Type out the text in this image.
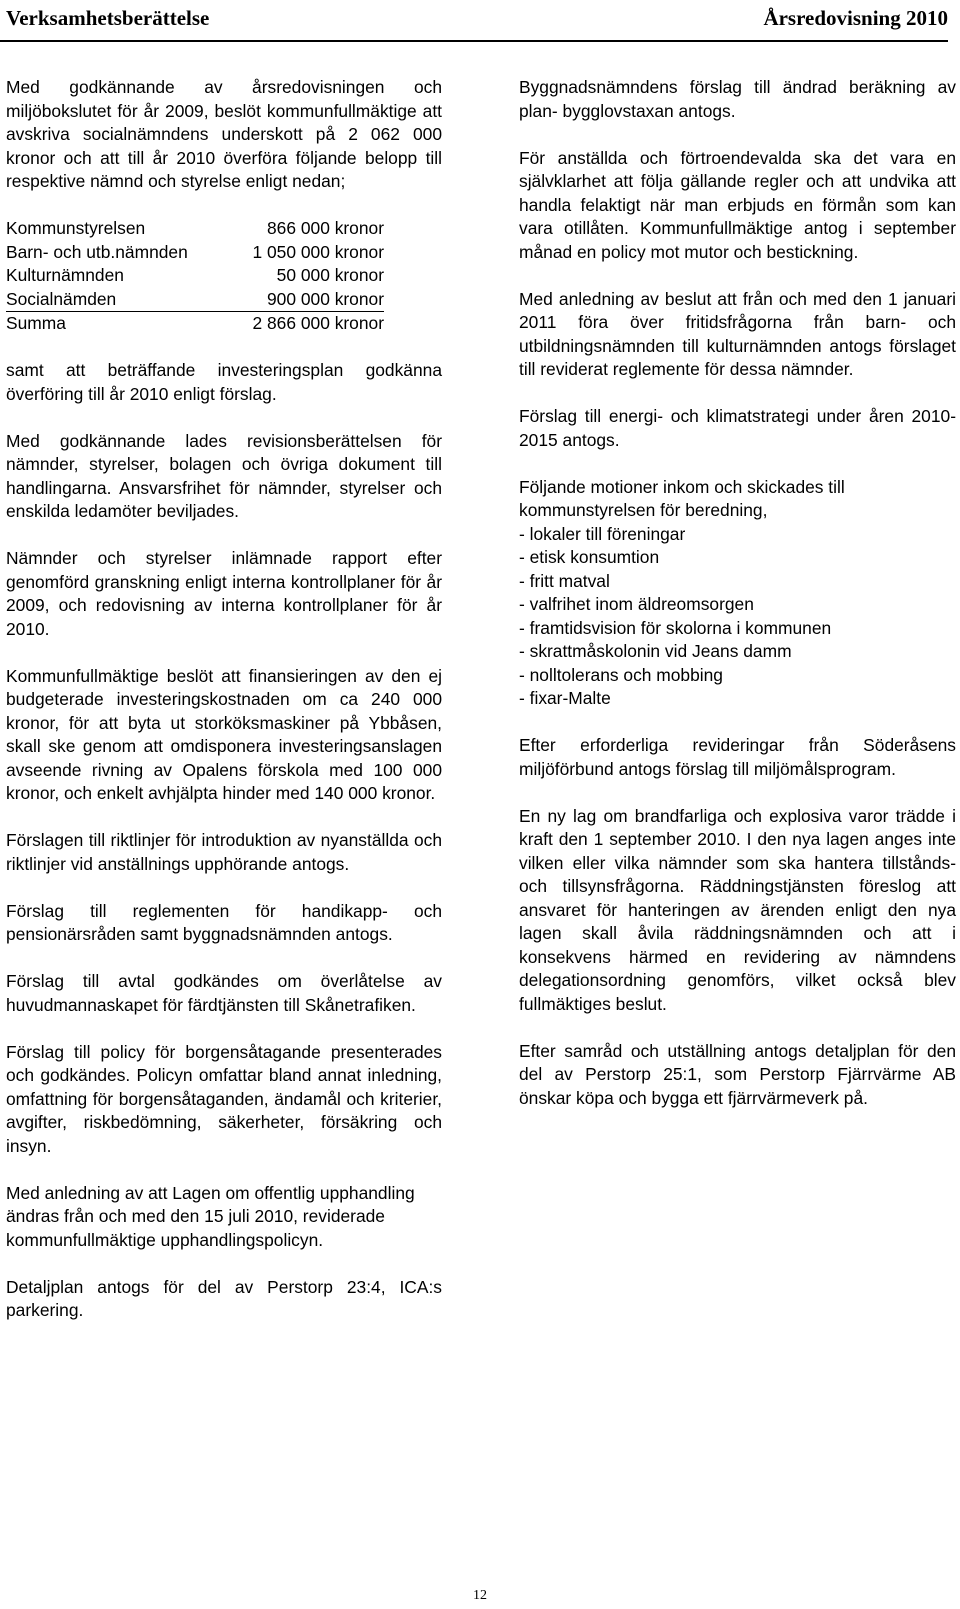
Verksamhetsberättelse	Årsredovisning 2010

Med godkännande av årsredovisningen och miljöbokslutet för år 2009, beslöt kommunfullmäktige att avskriva socialnämndens underskott på 2 062 000 kronor och att till år 2010 överföra följande belopp till respektive nämnd och styrelse enligt nedan;

Kommunstyrelsen	866 000 kronor
Barn- och utb.nämnden	1 050 000 kronor
Kulturnämnden	50 000 kronor
Socialnämden	900 000 kronor
Summa	2 866 000 kronor

samt att beträffande investeringsplan godkänna överföring till år 2010 enligt förslag.

Med godkännande lades revisionsberättelsen för nämnder, styrelser, bolagen och övriga dokument till handlingarna. Ansvarsfrihet för nämnder, styrelser och enskilda ledamöter beviljades.

Nämnder och styrelser inlämnade rapport efter genomförd granskning enligt interna kontrollplaner för år 2009, och redovisning av interna kontrollplaner för år 2010.

Kommunfullmäktige beslöt att finansieringen av den ej budgeterade investeringskostnaden om ca 240 000 kronor, för att byta ut storköksmaskiner på Ybbåsen, skall ske genom att omdisponera investeringsanslagen avseende rivning av Opalens förskola med 100 000 kronor, och enkelt avhjälpta hinder med 140 000 kronor.

Förslagen till riktlinjer för introduktion av nyanställda och riktlinjer vid anställnings upphörande antogs.

Förslag till reglementen för handikapp- och pensionärsråden samt byggnadsnämnden antogs.

Förslag till avtal godkändes om överlåtelse av huvudmannaskapet för färdtjänsten till Skånetrafiken.

Förslag till policy för borgensåtagande presenterades och godkändes. Policyn omfattar bland annat inledning, omfattning för borgensåtaganden, ändamål och kriterier, avgifter, riskbedömning, säkerheter, försäkring och insyn.

Med anledning av att Lagen om offentlig upphandling ändras från och med den 15 juli 2010, reviderade kommunfullmäktige upphandlingspolicyn.

Detaljplan antogs för del av Perstorp 23:4, ICA:s parkering.

Byggnadsnämndens förslag till ändrad beräkning av plan- bygglovstaxan antogs.

För anställda och förtroendevalda ska det vara en självklarhet att följa gällande regler och att undvika att handla felaktigt när man erbjuds en förmån som kan vara otillåten. Kommunfullmäktige antog i september månad en policy mot mutor och bestickning.

Med anledning av beslut att från och med den 1 januari 2011 föra över fritidsfrågorna från barn- och utbildningsnämnden till kulturnämnden antogs förslaget till reviderat reglemente för dessa nämnder.

Förslag till energi- och klimatstrategi under åren 2010-2015 antogs.

Följande motioner inkom och skickades till kommunstyrelsen för beredning,

- lokaler till föreningar
- etisk konsumtion
- fritt matval
- valfrihet inom äldreomsorgen
- framtidsvision för skolorna i kommunen
- skrattmåskolonin vid Jeans damm
- nolltolerans och mobbing
- fixar-Malte

Efter erforderliga revideringar från Söderåsens miljöförbund antogs förslag till miljömålsprogram.

En ny lag om brandfarliga och explosiva varor trädde i kraft den 1 september 2010. I den nya lagen anges inte vilken eller vilka nämnder som ska hantera tillstånds- och tillsynsfrågorna. Räddningstjänsten föreslog att ansvaret för hanteringen av ärenden enligt den nya lagen skall åvila räddningsnämnden och att i konsekvens härmed en revidering av nämndens delegationsordning genomförs, vilket också blev fullmäktiges beslut.

Efter samråd och utställning antogs detaljplan för den del av Perstorp 25:1, som Perstorp Fjärrvärme AB önskar köpa och bygga ett fjärrvärmeverk på.

12
